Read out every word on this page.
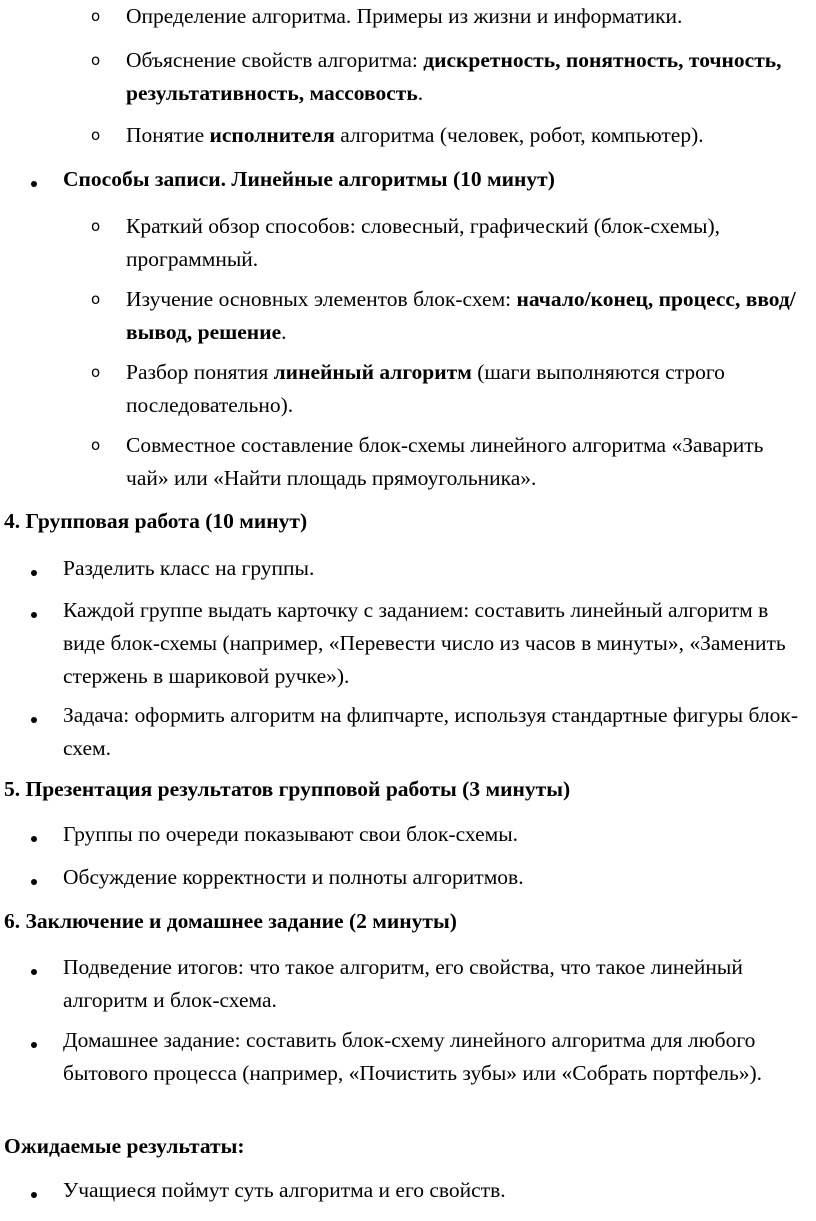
o Определение алгоритма. Примеры из жизни и информатики.
o Объяснение свойств алгоритма: дискретность, понятность, точность, результативность, массовость.
o Понятие исполнителя алгоритма (человек, робот, компьютер).
Способы записи. Линейные алгоритмы (10 минут)
o Краткий обзор способов: словесный, графический (блок-схемы), программный.
o Изучение основных элементов блок-схем: начало/конец, процесс, ввод/вывод, решение.
o Разбор понятия линейный алгоритм (шаги выполняются строго последовательно).
o Совместное составление блок-схемы линейного алгоритма «Заварить чай» или «Найти площадь прямоугольника».
4. Групповая работа (10 минут)
Разделить класс на группы.
Каждой группе выдать карточку с заданием: составить линейный алгоритм в виде блок-схемы (например, «Перевести число из часов в минуты», «Заменить стержень в шариковой ручке»).
Задача: оформить алгоритм на флипчарте, используя стандартные фигуры блок-схем.
5. Презентация результатов групповой работы (3 минуты)
Группы по очереди показывают свои блок-схемы.
Обсуждение корректности и полноты алгоритмов.
6. Заключение и домашнее задание (2 минуты)
Подведение итогов: что такое алгоритм, его свойства, что такое линейный алгоритм и блок-схема.
Домашнее задание: составить блок-схему линейного алгоритма для любого бытового процесса (например, «Почистить зубы» или «Собрать портфель»).
Ожидаемые результаты:
Учащиеся поймут суть алгоритма и его свойств.
